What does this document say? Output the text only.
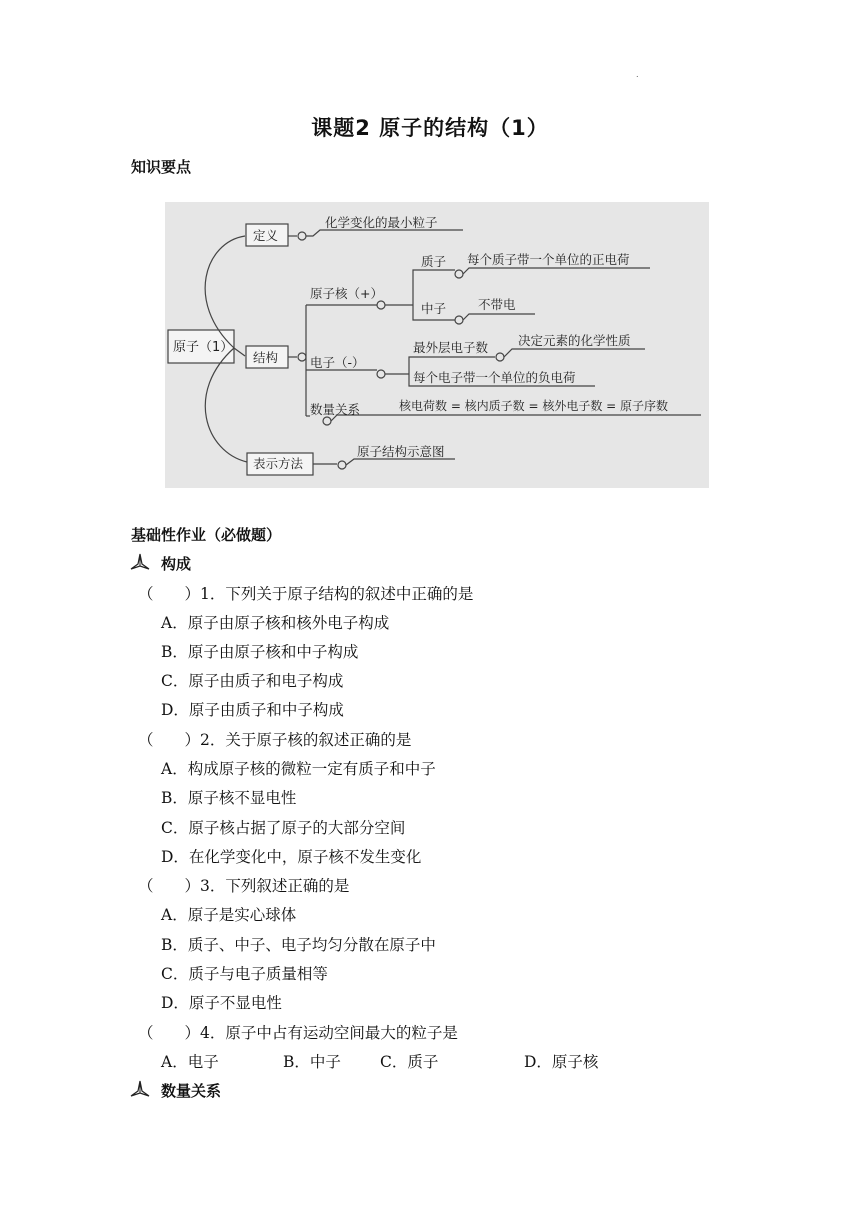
.
课题2 原子的结构（1）
知识要点
原子（1）
定义
化学变化的最小粒子
结构
原子核（+）
质子 每个质子带一个单位的正电荷
中子	不带电
电子（-）
最外层电子数 决定元素的化学性质
每个电子带一个单位的负电荷
数量关系	核电荷数 = 核内质子数 = 核外电子数 = 原子序数
表示方法
原子结构示意图
基础性作业（必做题）
构成
（　　）1．下列关于原子结构的叙述中正确的是
A．原子由原子核和核外电子构成
B．原子由原子核和中子构成
C．原子由质子和电子构成
D．原子由质子和中子构成
（　　）2．关于原子核的叙述正确的是
A．构成原子核的微粒一定有质子和中子
B．原子核不显电性
C．原子核占据了原子的大部分空间
D．在化学变化中，原子核不发生变化
（　　）3．下列叙述正确的是
A．原子是实心球体
B．质子、中子、电子均匀分散在原子中
C．质子与电子质量相等
D．原子不显电性
（　　）4．原子中占有运动空间最大的粒子是
A．电子	B．中子	C．质子	D．原子核
数量关系
